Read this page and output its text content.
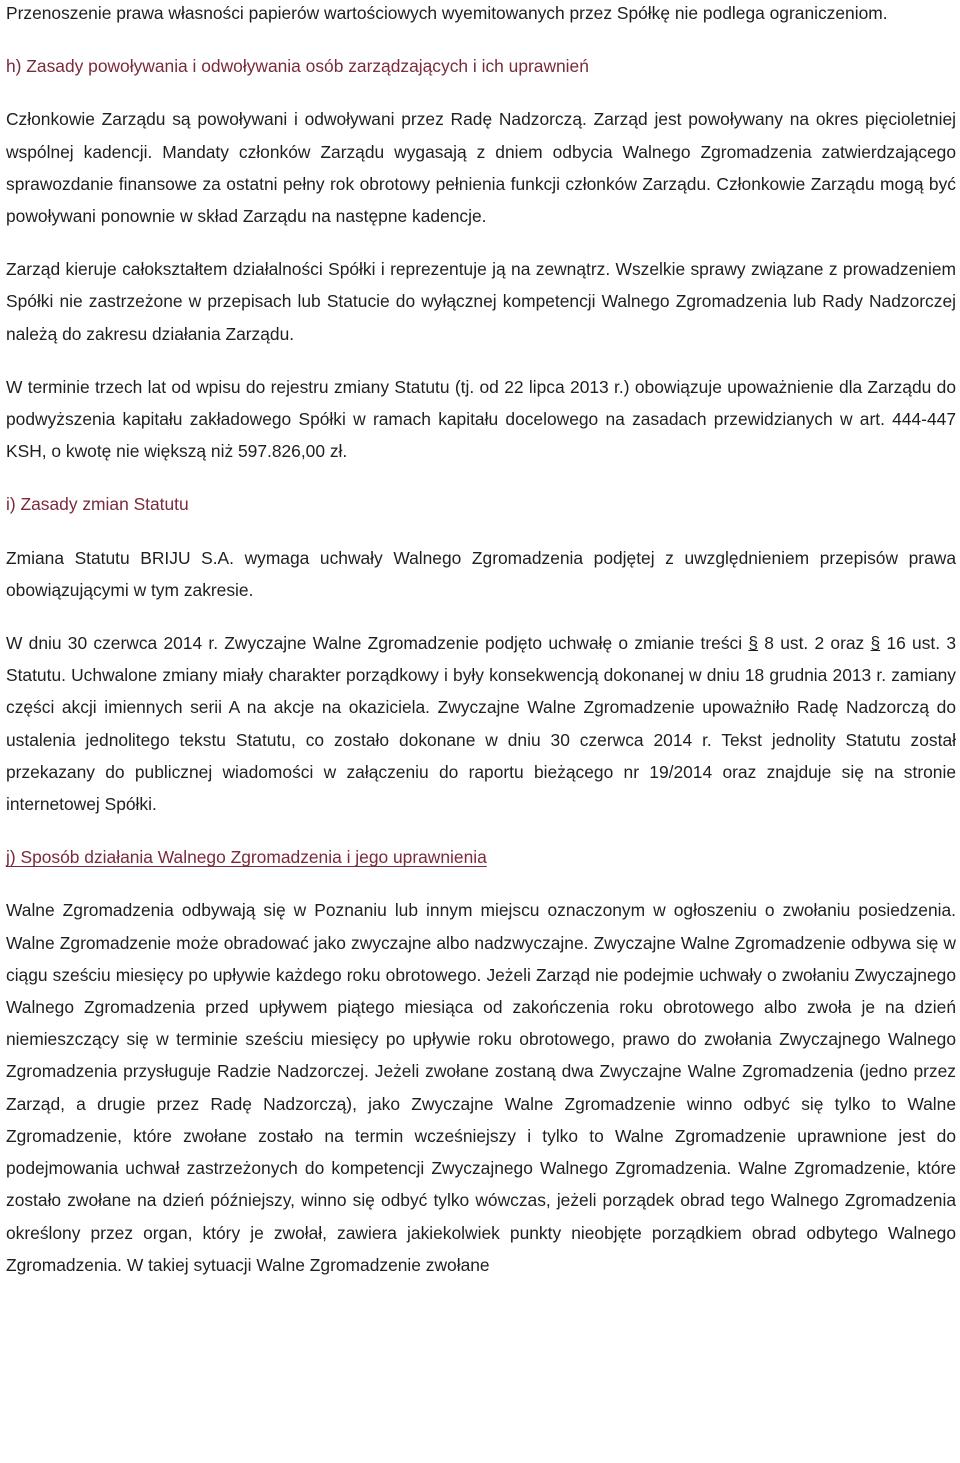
Przenoszenie prawa własności papierów wartościowych wyemitowanych przez Spółkę nie podlega ograniczeniom.

h) Zasady powoływania i odwoływania osób zarządzających i ich uprawnień

Członkowie Zarządu są powoływani i odwoływani przez Radę Nadzorczą. Zarząd jest powoływany na okres pięcioletniej wspólnej kadencji. Mandaty członków Zarządu wygasają z dniem odbycia Walnego Zgromadzenia zatwierdzającego sprawozdanie finansowe za ostatni pełny rok obrotowy pełnienia funkcji członków Zarządu. Członkowie Zarządu mogą być powoływani ponownie w skład Zarządu na następne kadencje.

Zarząd kieruje całokształtem działalności Spółki i reprezentuje ją na zewnątrz. Wszelkie sprawy związane z prowadzeniem Spółki nie zastrzeżone w przepisach lub Statucie do wyłącznej kompetencji Walnego Zgromadzenia lub Rady Nadzorczej należą do zakresu działania Zarządu.

W terminie trzech lat od wpisu do rejestru zmiany Statutu (tj. od 22 lipca 2013 r.) obowiązuje upoważnienie dla Zarządu do podwyższenia kapitału zakładowego Spółki w ramach kapitału docelowego na zasadach przewidzianych w art. 444-447 KSH, o kwotę nie większą niż 597.826,00 zł.

i) Zasady zmian Statutu

Zmiana Statutu BRIJU S.A. wymaga uchwały Walnego Zgromadzenia podjętej z uwzględnieniem przepisów prawa obowiązującymi w tym zakresie.

W dniu 30 czerwca 2014 r. Zwyczajne Walne Zgromadzenie podjęto uchwałę o zmianie treści § 8 ust. 2 oraz § 16 ust. 3 Statutu. Uchwalone zmiany miały charakter porządkowy i były konsekwencją dokonanej w dniu 18 grudnia 2013 r. zamiany części akcji imiennych serii A na akcje na okaziciela. Zwyczajne Walne Zgromadzenie upoważniło Radę Nadzorczą do ustalenia jednolitego tekstu Statutu, co zostało dokonane w dniu 30 czerwca 2014 r. Tekst jednolity Statutu został przekazany do publicznej wiadomości w załączeniu do raportu bieżącego nr 19/2014 oraz znajduje się na stronie internetowej Spółki.

j) Sposób działania Walnego Zgromadzenia i jego uprawnienia

Walne Zgromadzenia odbywają się w Poznaniu lub innym miejscu oznaczonym w ogłoszeniu o zwołaniu posiedzenia. Walne Zgromadzenie może obradować jako zwyczajne albo nadzwyczajne. Zwyczajne Walne Zgromadzenie odbywa się w ciągu sześciu miesięcy po upływie każdego roku obrotowego. Jeżeli Zarząd nie podejmie uchwały o zwołaniu Zwyczajnego Walnego Zgromadzenia przed upływem piątego miesiąca od zakończenia roku obrotowego albo zwoła je na dzień niemieszczący się w terminie sześciu miesięcy po upływie roku obrotowego, prawo do zwołania Zwyczajnego Walnego Zgromadzenia przysługuje Radzie Nadzorczej. Jeżeli zwołane zostaną dwa Zwyczajne Walne Zgromadzenia (jedno przez Zarząd, a drugie przez Radę Nadzorczą), jako Zwyczajne Walne Zgromadzenie winno odbyć się tylko to Walne Zgromadzenie, które zwołane zostało na termin wcześniejszy i tylko to Walne Zgromadzenie uprawnione jest do podejmowania uchwał zastrzeżonych do kompetencji Zwyczajnego Walnego Zgromadzenia. Walne Zgromadzenie, które zostało zwołane na dzień późniejszy, winno się odbyć tylko wówczas, jeżeli porządek obrad tego Walnego Zgromadzenia określony przez organ, który je zwołał, zawiera jakiekolwiek punkty nieobjęte porządkiem obrad odbytego Walnego Zgromadzenia. W takiej sytuacji Walne Zgromadzenie zwołane
